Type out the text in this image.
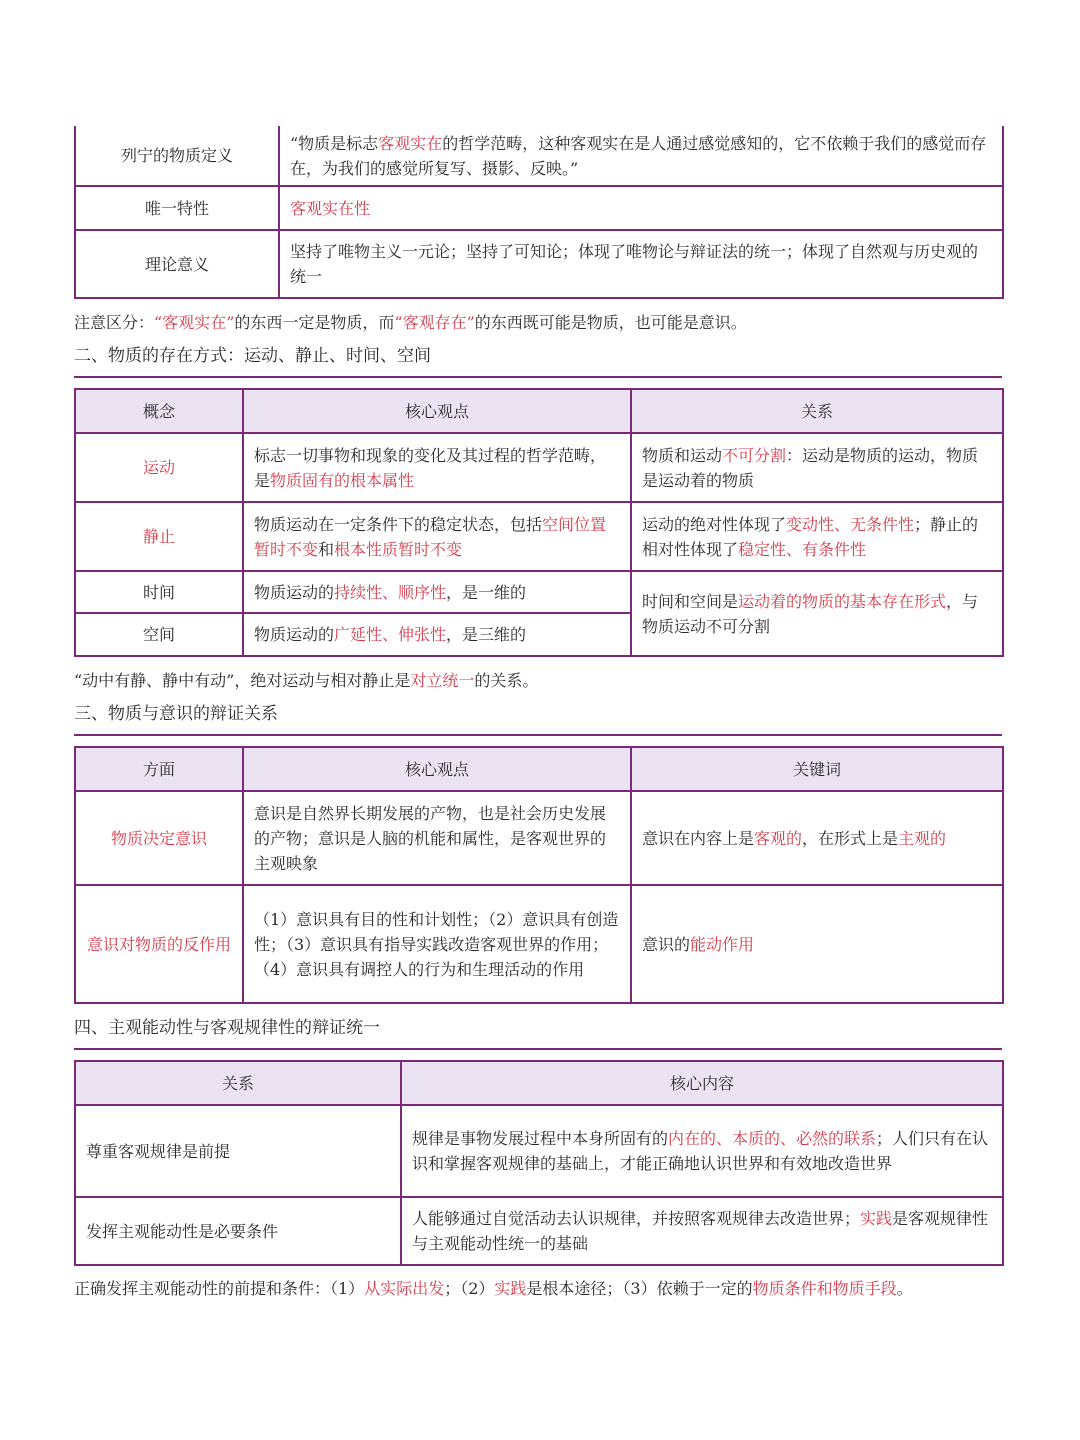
列宁的物质定义	“物质是标志客观实在的哲学范畴，这种客观实在是人通过感觉感知的，它不依赖于我们的感觉而存在，为我们的感觉所复写、摄影、反映。”
唯一特性	客观实在性
理论意义	坚持了唯物主义一元论；坚持了可知论；体现了唯物论与辩证法的统一；体现了自然观与历史观的统一

注意区分：“客观实在”的东西一定是物质，而“客观存在”的东西既可能是物质，也可能是意识。

二、物质的存在方式：运动、静止、时间、空间

概念	核心观点	关系
运动	标志一切事物和现象的变化及其过程的哲学范畴，是物质固有的根本属性	物质和运动不可分割：运动是物质的运动，物质是运动着的物质
静止	物质运动在一定条件下的稳定状态，包括空间位置暂时不变和根本性质暂时不变	运动的绝对性体现了变动性、无条件性；静止的相对性体现了稳定性、有条件性
时间	物质运动的持续性、顺序性，是一维的	时间和空间是运动着的物质的基本存在形式，与物质运动不可分割
空间	物质运动的广延性、伸张性，是三维的	

“动中有静、静中有动”，绝对运动与相对静止是对立统一的关系。

三、物质与意识的辩证关系

方面	核心观点	关键词
物质决定意识	意识是自然界长期发展的产物，也是社会历史发展的产物；意识是人脑的机能和属性，是客观世界的主观映象	意识在内容上是客观的，在形式上是主观的
意识对物质的反作用	（1）意识具有目的性和计划性；（2）意识具有创造性；（3）意识具有指导实践改造客观世界的作用；（4）意识具有调控人的行为和生理活动的作用	意识的能动作用

四、主观能动性与客观规律性的辩证统一

关系	核心内容
尊重客观规律是前提	规律是事物发展过程中本身所固有的内在的、本质的、必然的联系；人们只有在认识和掌握客观规律的基础上，才能正确地认识世界和有效地改造世界
发挥主观能动性是必要条件	人能够通过自觉活动去认识规律，并按照客观规律去改造世界；实践是客观规律性与主观能动性统一的基础

正确发挥主观能动性的前提和条件：（1）从实际出发；（2）实践是根本途径；（3）依赖于一定的物质条件和物质手段。
